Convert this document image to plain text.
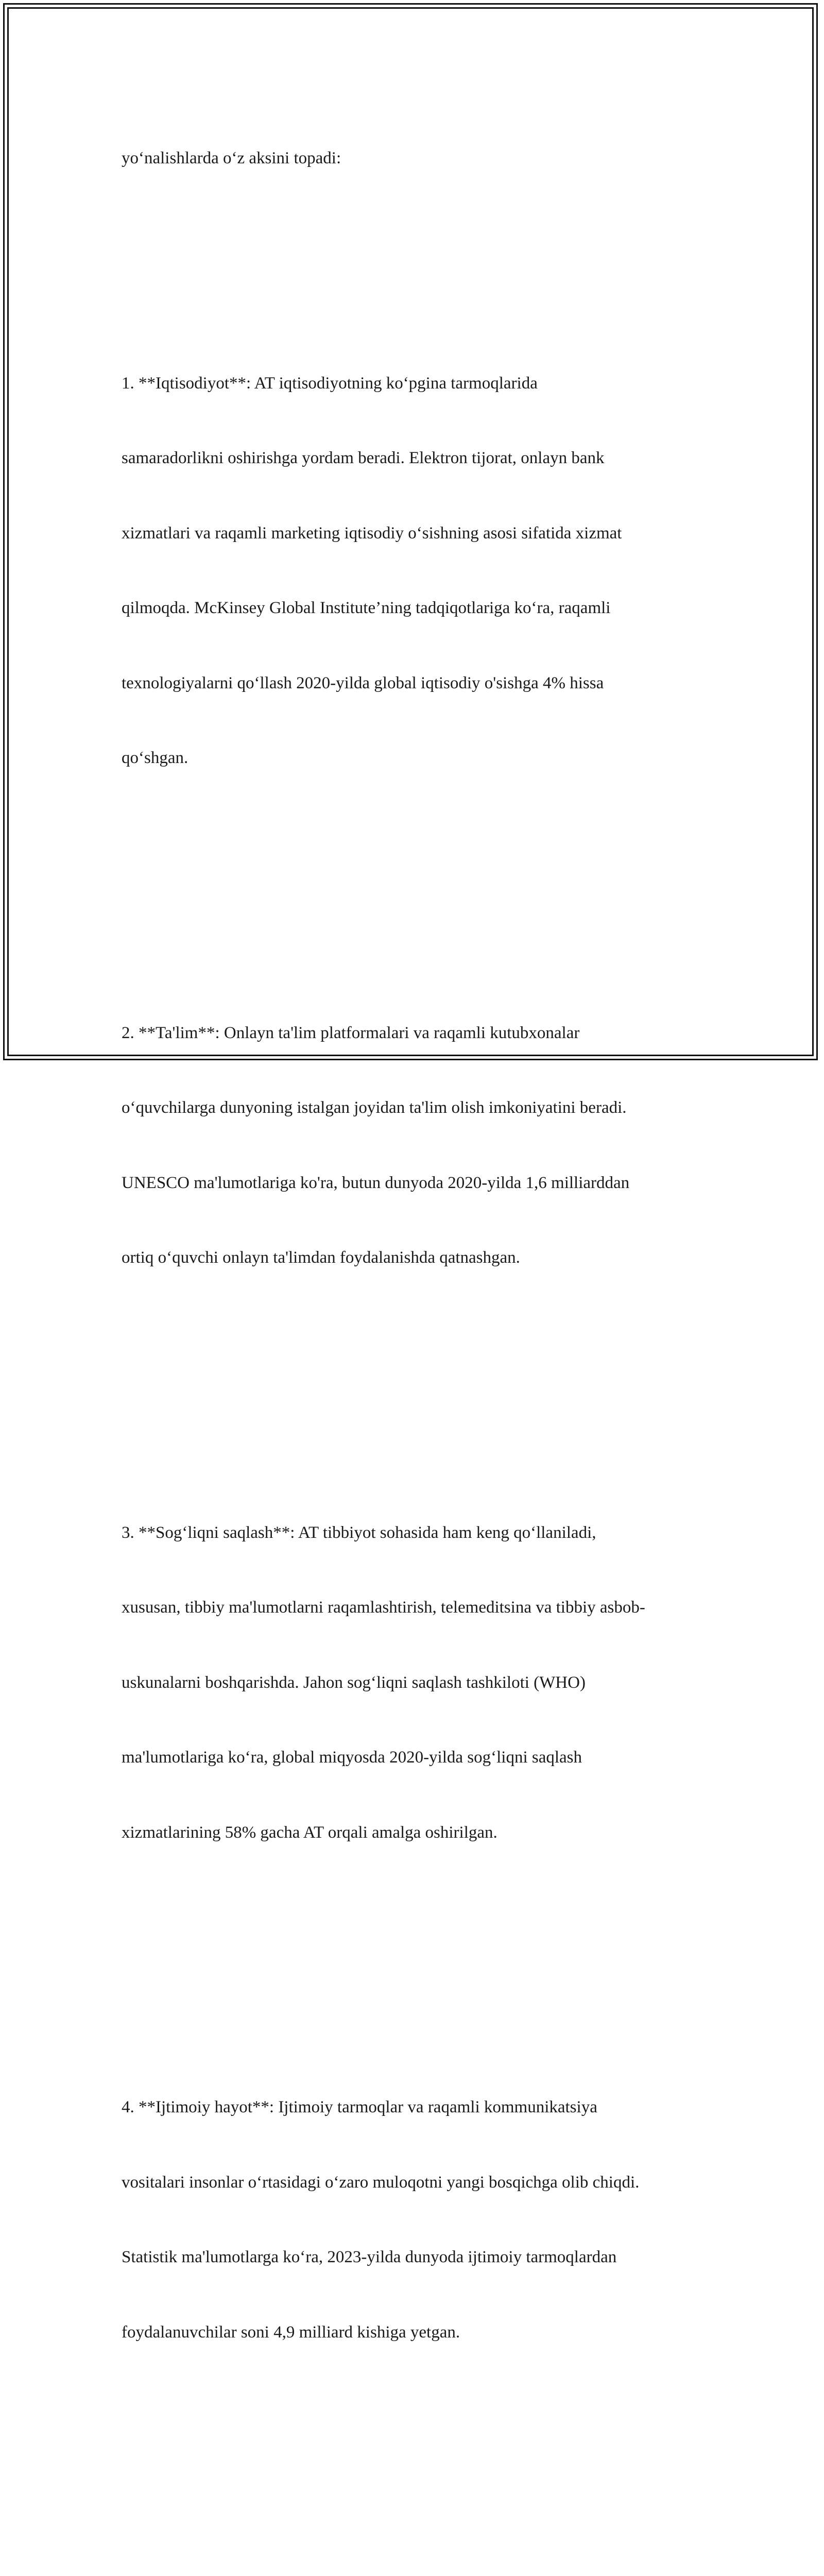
yoʻnalishlarda oʻz aksini topadi:

1. **Iqtisodiyot**: AT iqtisodiyotning koʻpgina tarmoqlarida

samaradorlikni oshirishga yordam beradi. Elektron tijorat, onlayn bank

xizmatlari va raqamli marketing iqtisodiy oʻsishning asosi sifatida xizmat

qilmoqda. McKinsey Global Institute’ning tadqiqotlariga koʻra, raqamli

texnologiyalarni qoʻllash 2020-yilda global iqtisodiy o'sishga 4% hissa

qoʻshgan.

2. **Ta'lim**: Onlayn ta'lim platformalari va raqamli kutubxonalar

oʻquvchilarga dunyoning istalgan joyidan ta'lim olish imkoniyatini beradi.

UNESCO ma'lumotlariga ko'ra, butun dunyoda 2020-yilda 1,6 milliarddan

ortiq oʻquvchi onlayn ta'limdan foydalanishda qatnashgan.

3. **Sogʻliqni saqlash**: AT tibbiyot sohasida ham keng qoʻllaniladi,

xususan, tibbiy ma'lumotlarni raqamlashtirish, telemeditsina va tibbiy asbob-

uskunalarni boshqarishda. Jahon sogʻliqni saqlash tashkiloti (WHO)

ma'lumotlariga koʻra, global miqyosda 2020-yilda sogʻliqni saqlash

xizmatlarining 58% gacha AT orqali amalga oshirilgan.

4. **Ijtimoiy hayot**: Ijtimoiy tarmoqlar va raqamli kommunikatsiya

vositalari insonlar oʻrtasidagi oʻzaro muloqotni yangi bosqichga olib chiqdi.

Statistik ma'lumotlarga koʻra, 2023-yilda dunyoda ijtimoiy tarmoqlardan

foydalanuvchilar soni 4,9 milliard kishiga yetgan.
